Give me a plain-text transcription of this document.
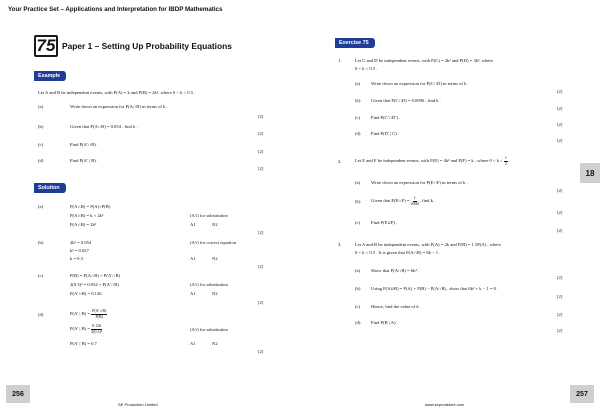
Your Practice Set – Applications and Interpretation for IBDP Mathematics
75 Paper 1 – Setting Up Probability Equations
Example
Let A and B be independent events, with P(A) = k and P(B) = 2k², where 0 < k < 0.5 .
(a)	Write down an expression for P(A∩B) in terms of k .
[2]
(b)	Given that P(A∩B) = 0.054 , find k .
[2]
(c)	Find P(A′∩B) .
[2]
(d)	Find P(A′ | B) .
[2]
Solution
(a)	P(A∩B) = P(A)×P(B)
P(A∩B) = k × 2k²	(A1) for substitution
P(A∩B) = 2k³	A1	N2
[2]
(b)	2k³ = 0.054	(A1) for correct equation
k³ = 0.027
k = 0.3	A1	N2
[2]
(c)	P(B) = P(A∩B) + P(A′∩B)
2(0.3)² = 0.054 + P(A′∩B)	(A1) for substitution
P(A′∩B) = 0.126	A1	N2
[2]
(d)	P(A′ | $B) = \frac{P(A'\cap B)}{P(B)}$
P(A′ | $B) = \frac{0.126}{\text{2(0.3)²}}$	(A1) for substitution
P(A′ | B) = 0.7	A1	N2
[2]
Exercise 75
1.	Let C and D be independent events, with P(C) = 2k² and P(D) = 3k², where
0 < k < 0.5 .
(a) Write down an expression for P(C∩D) in terms of k .
[2]
(b) Given that P(C∩D) = 0.0096 , find k .
[2]
(c) Find P(C′∩D′) .
[2]
(d) Find P(D′ | C) .
[2]
2.	Let E and F be independent events, with P(E) = 4k² and P(F) = k , where $0 < k < \frac{1}{2}$ .
(a) Write down an expression for P(E∩F) in terms of k .
[2]
(b) Given that P(E∩F) = $\frac{1}{2000}$ , find k .
[2]
(c) Find P(E∪F) .
[2]
3.	Let A and B be independent events, with P(A) = 2k and P(B) = 1.5P(A) , where
0 < k < 0.5 . It is given that P(A∩B) = 6k − 1 .
(a) Show that P(A∩B) = 6k² .
[2]
(b) Using P(A∪B) = P(A) + P(B) − P(A∩B) , show that 6k² + k − 1 = 0 .
[2]
(c) Hence, find the value of k .
[2]
(d) Find P(B | A) .
[2]
18
256	257
SE Production Limited	www.seprodstore.com
